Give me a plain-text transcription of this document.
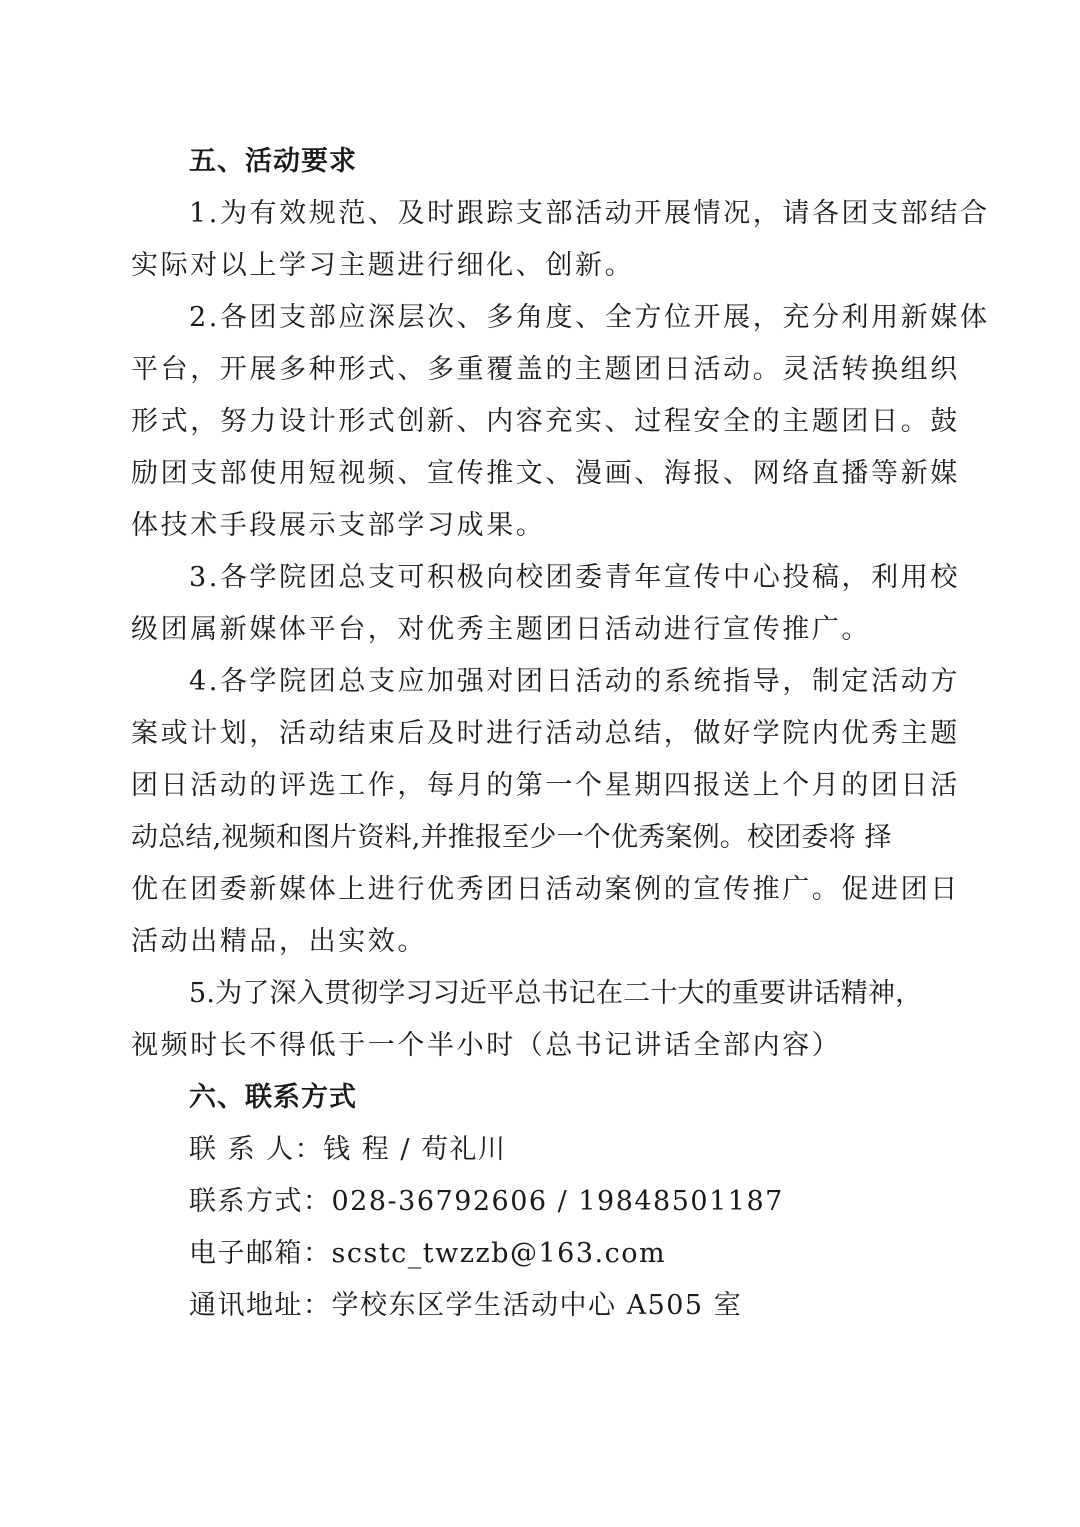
五、活动要求
1.为有效规范、及时跟踪支部活动开展情况，请各团支部结合
实际对以上学习主题进行细化、创新。
2.各团支部应深层次、多角度、全方位开展，充分利用新媒体
平台，开展多种形式、多重覆盖的主题团日活动。灵活转换组织
形式，努力设计形式创新、内容充实、过程安全的主题团日。鼓
励团支部使用短视频、宣传推文、漫画、海报、网络直播等新媒
体技术手段展示支部学习成果。
3.各学院团总支可积极向校团委青年宣传中心投稿，利用校
级团属新媒体平台，对优秀主题团日活动进行宣传推广。
4.各学院团总支应加强对团日活动的系统指导，制定活动方
案或计划，活动结束后及时进行活动总结，做好学院内优秀主题
团日活动的评选工作，每月的第一个星期四报送上个月的团日活
动总结,视频和图片资料,并推报至少一个优秀案例。校团委将 择
优在团委新媒体上进行优秀团日活动案例的宣传推广。促进团日
活动出精品，出实效。
5.为了深入贯彻学习习近平总书记在二十大的重要讲话精神，
视频时长不得低于一个半小时（总书记讲话全部内容）
六、联系方式
联 系 人：钱 程 / 苟礼川
联系方式：028-36792606 / 19848501187
电子邮箱：scstc_twzzb@163.com
通讯地址：学校东区学生活动中心 A505 室
